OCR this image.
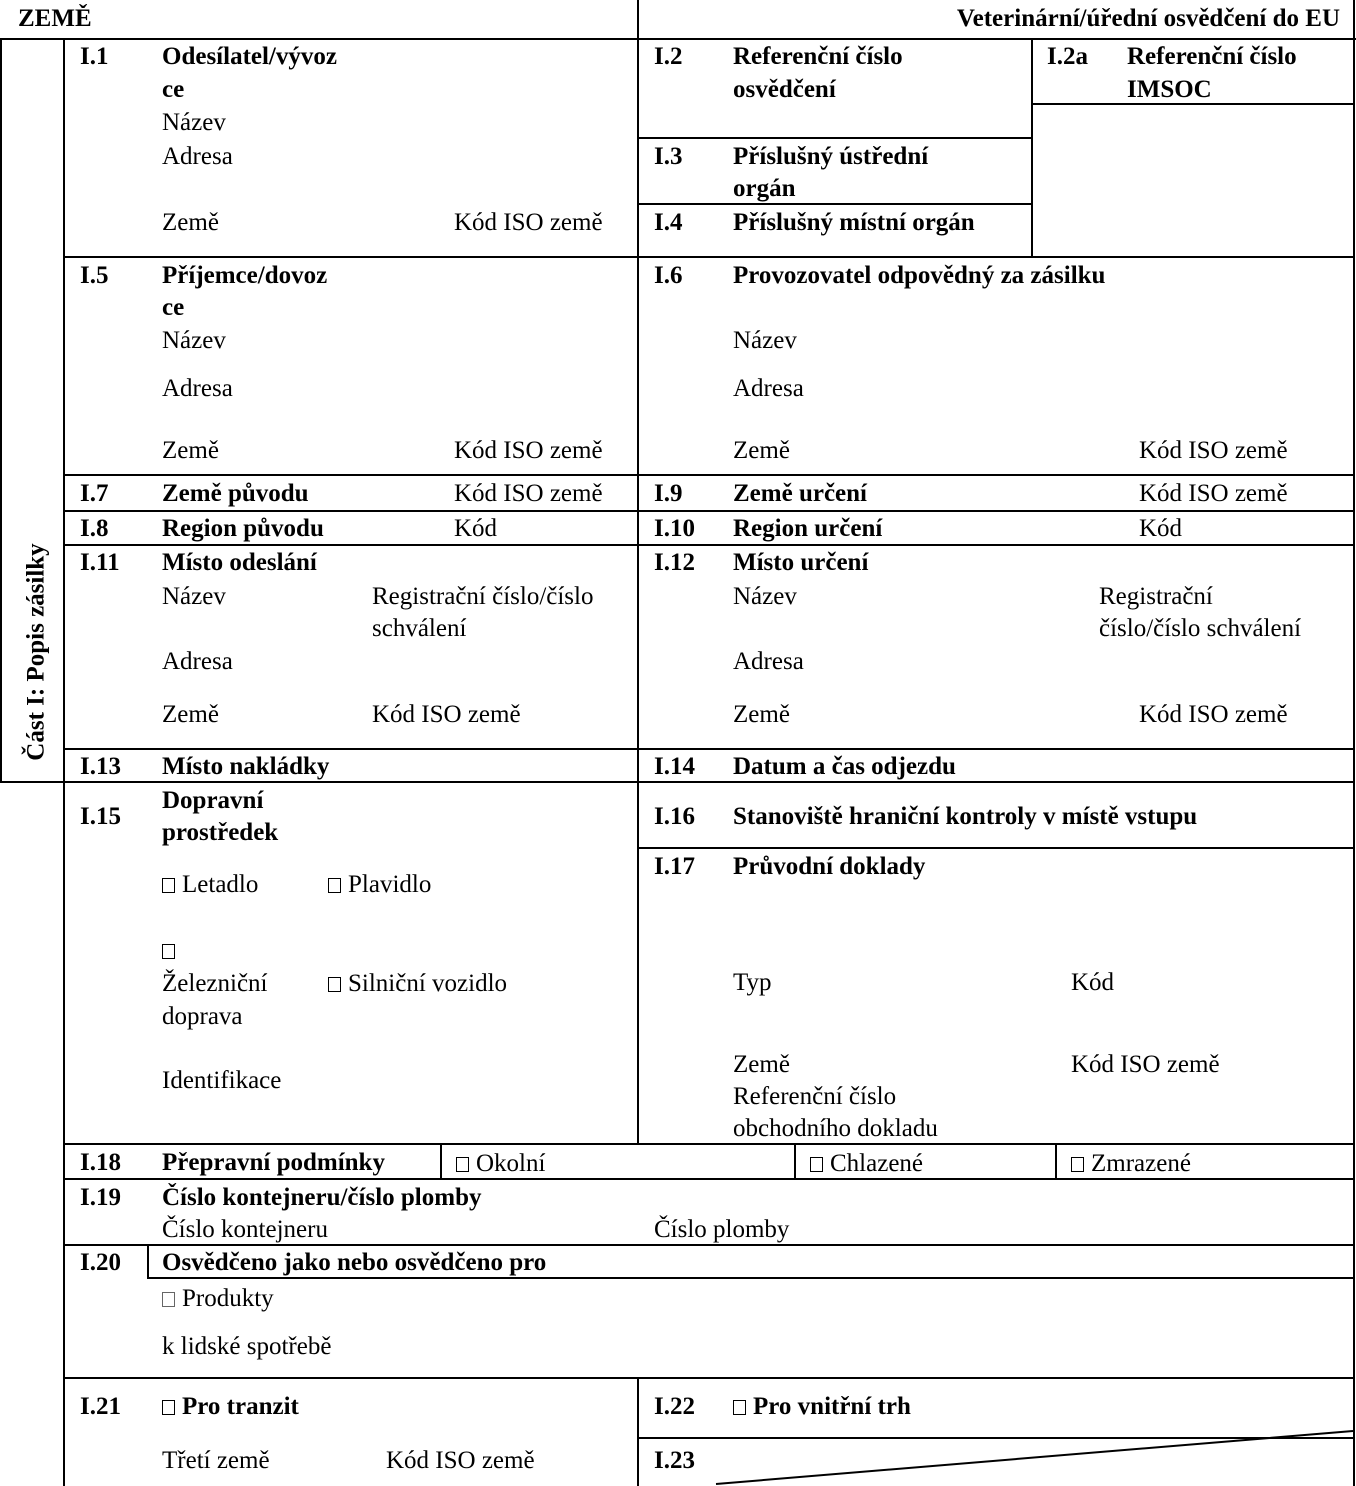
ZEMĚ	Veterinární/úřední osvědčení do EU
Část I: Popis zásilky
I.1 Odesílatel/vývoz
ce
Název
Adresa
Země	Kód ISO země
I.2 Referenční číslo
osvědčení
I.2a Referenční číslo
IMSOC
I.3 Příslušný ústřední
orgán
I.4 Příslušný místní orgán
I.5 Příjemce/dovoz
ce
Název
Adresa
Země	Kód ISO země
I.6 Provozovatel odpovědný za zásilku
Název
Adresa
Země	Kód ISO země
I.7 Země původu	Kód ISO země I.9 Země určení	Kód ISO země
I.8 Region původu	Kód	I.10 Region určení	Kód
I.11 Místo odeslání
Název	Registrační číslo/číslo
schválení
Adresa
Země	Kód ISO země
I.12 Místo určení
Název	Registrační
číslo/číslo schválení
Adresa
Země	Kód ISO země
I.13 Místo nakládky	I.14 Datum a čas odjezdu
I.15
Dopravní
prostředek
Letadlo	Plavidlo
Železniční
doprava
Silniční vozidlo
Identifikace
I.16 Stanoviště hraniční kontroly v místě vstupu
I.17 Průvodní doklady
Typ	Kód
Země	Kód ISO země
Referenční číslo
obchodního dokladu
I.18 Přepravní podmínky	Okolní	Chlazené	Zmrazené
I.19 Číslo kontejneru/číslo plomby
Číslo kontejneru	Číslo plomby
I.20 Osvědčeno jako nebo osvědčeno pro
Produkty
k lidské spotřebě
I.21	Pro tranzit
Třetí země	Kód ISO země
I.22	Pro vnitřní trh
I.23
